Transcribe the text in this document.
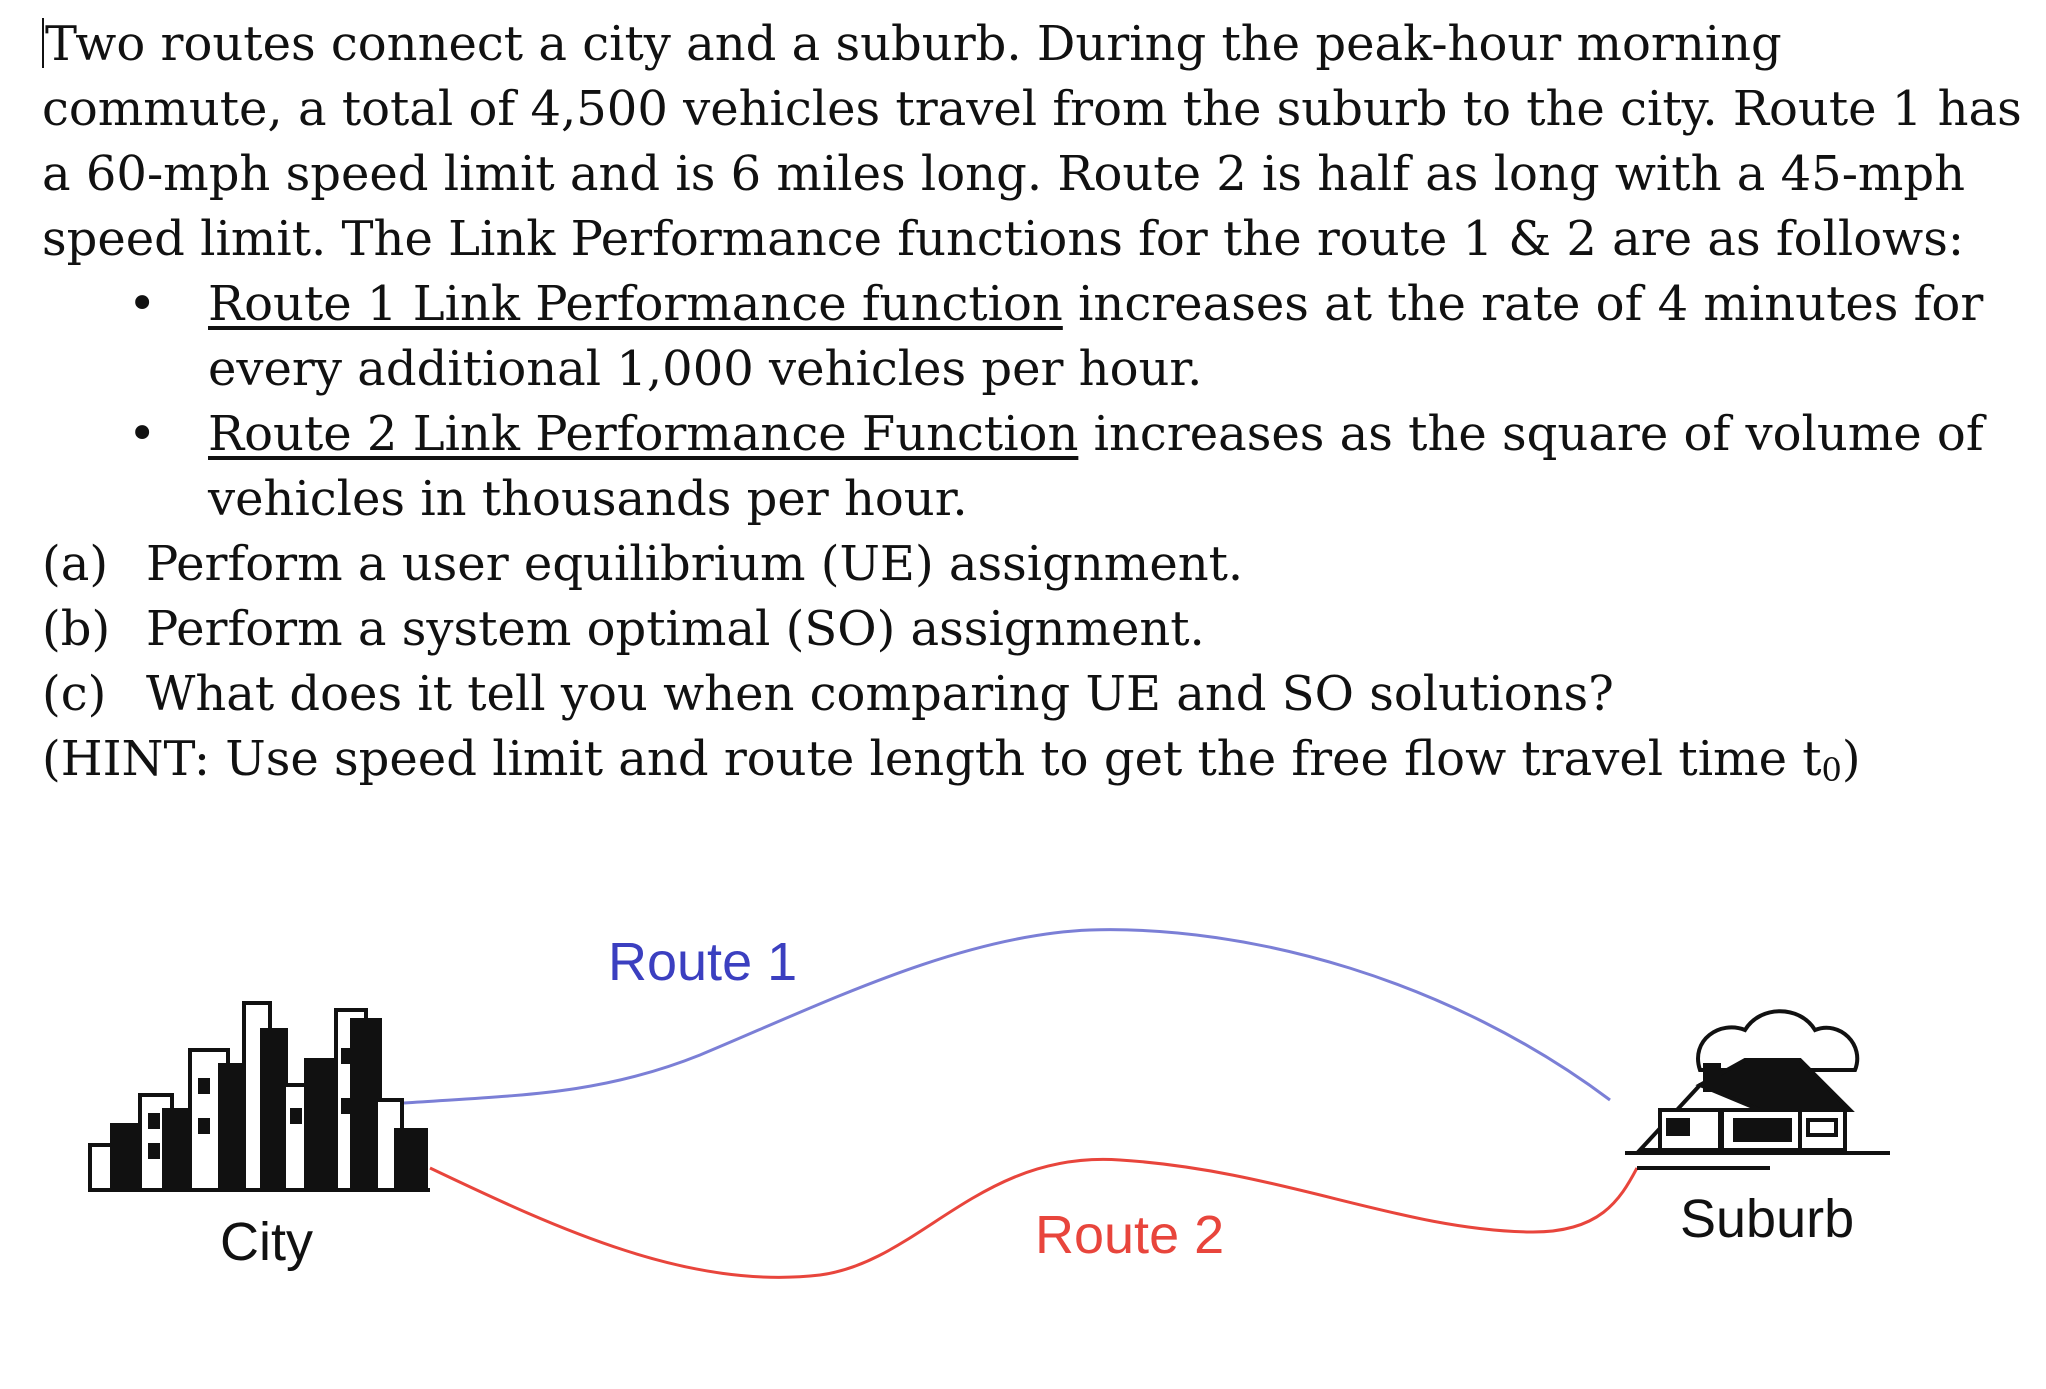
Two routes connect a city and a suburb. During the peak-hour morning commute, a total of 4,500 vehicles travel from the suburb to the city. Route 1 has a 60-mph speed limit and is 6 miles long. Route 2 is half as long with a 45-mph speed limit. The Link Performance functions for the route 1 & 2 are as follows:

• Route 1 Link Performance function increases at the rate of 4 minutes for every additional 1,000 vehicles per hour.
• Route 2 Link Performance Function increases as the square of volume of vehicles in thousands per hour.

(a) Perform a user equilibrium (UE) assignment.

(b) Perform a system optimal (SO) assignment.

(c) What does it tell you when comparing UE and SO solutions?

(HINT: Use speed limit and route length to get the free flow travel time $t_0$)

Route 1
Route 2
City	Suburb
